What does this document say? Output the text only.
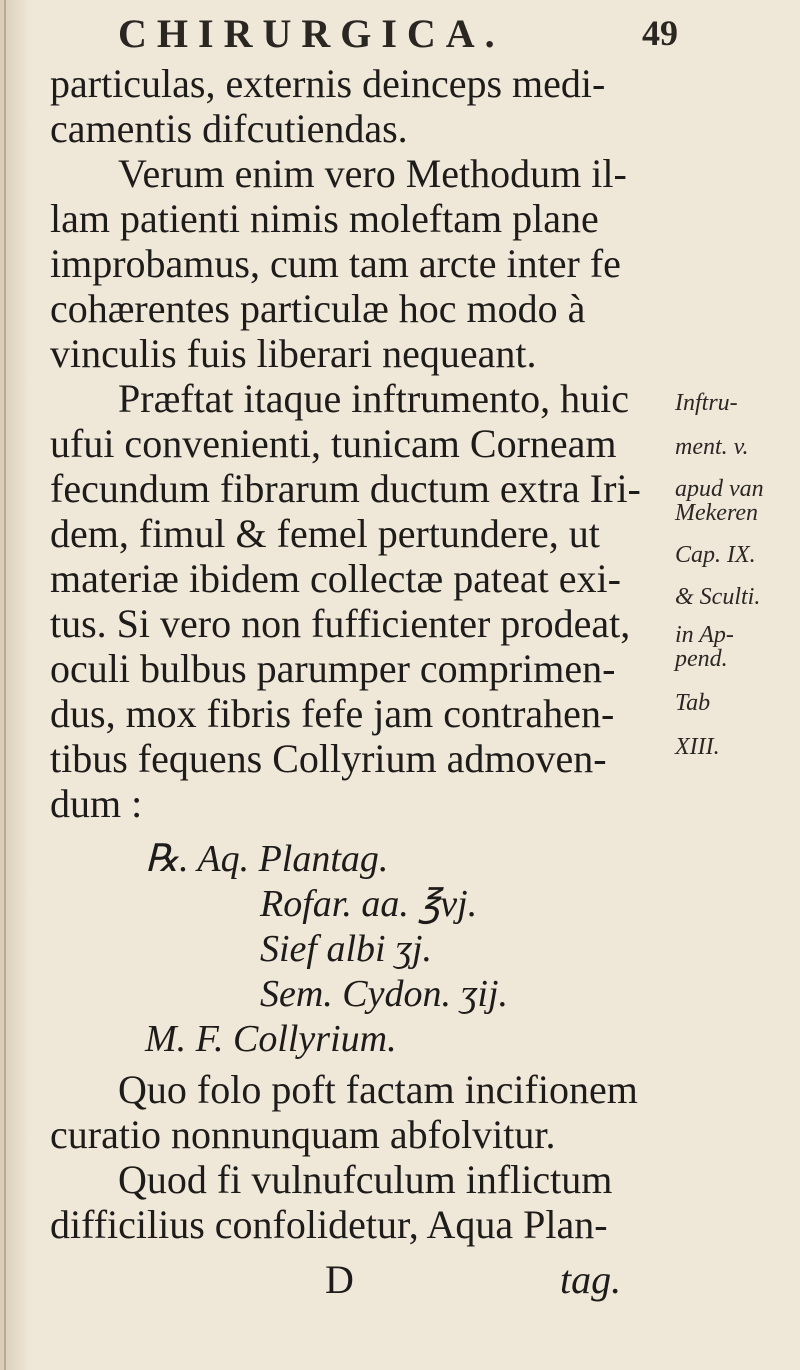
CHIRURGICA.	49
particulas, externis deinceps medi-
camentis difcutiendas.
Verum enim vero Methodum il-
lam patienti nimis moleftam plane
improbamus, cum tam arcte inter fe
cohærentes particulæ hoc modo à
vinculis fuis liberari nequeant.
Præftat itaque inftrumento, huic
ufui convenienti, tunicam Corneam
fecundum fibrarum ductum extra Iri-
dem, fimul & femel pertundere, ut
materiæ ibidem collectæ pateat exi-
tus. Si vero non fufficienter prodeat,
oculi bulbus parumper comprimen-
dus, mox fibris fefe jam contrahen-
tibus fequens Collyrium admoven-
dum :
Inftru-
ment. v.
apud van
Mekeren
Cap. IX.
& Sculti.
in Ap-
pend.
Tab
XIII.
℞. Aq. Plantag.
Rofar. aa. ℥vj.
Sief albi ʒj.
Sem. Cydon. ʒij.
M. F. Collyrium.
Quo folo poft factam incifionem
curatio nonnunquam abfolvitur.
Quod fi vulnufculum inflictum
difficilius confolidetur, Aqua Plan-
D	tag.
